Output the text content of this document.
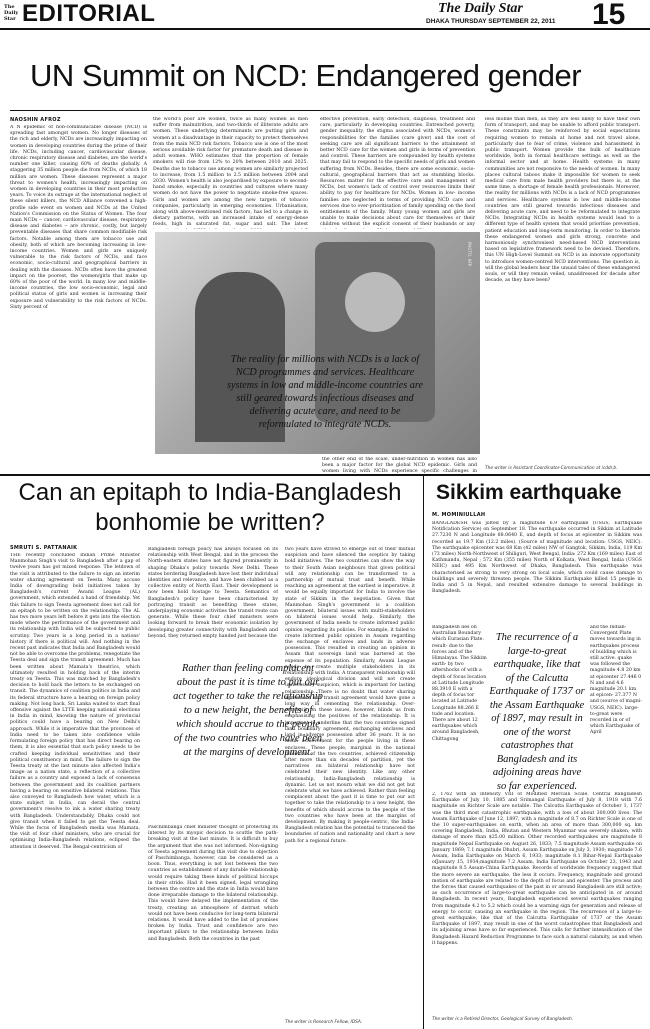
The Daily Star EDITORIAL	The Daily Star
DHAKA THURSDAY SEPTEMBER 22, 2011 15
UN Summit on NCD: Endangered gender
NAOSHIN AFROZ
A N epidemic of non-communicable disease (NCD) is spreading fast amongst women. No longer diseases of the rich and elderly, NCDs are increasingly impacting on women in developing countries during the prime of their life. NCDs, including cancer, cardiovascular disease, chronic respiratory disease and diabetes, are the world's number one killer, causing 60% of deaths globally. A staggering 35 million people die from NCDs, of which 18 million are women. These diseases represent a major threat to women's health, increasingly impacting on women in developing countries in their most productive years. To voice its outrage at the international neglect of these silent killers, the NCD Alliance convened a high-profile side event on women and NCDs at the United Nation's Commission on the Status of Women. The four main NCDs -- cancer, cardiovascular disease, respiratory disease and diabetes -- are chronic, costly, but largely preventable diseases that share common modifiable risk factors. Notable among them are tobacco use and obesity, both of which are becoming increasing in low-income countries. Women and girls are uniquely vulnerable to the risk factors of NCDs, and face economic, socio-cultural and geographical barriers in dealing with the diseases. NCDs often have the greatest impact on the poorest, the women/girls that make up 60% of the poor of the world. In many low and middle-income countries, the low socio-economic, legal and political status of girls and women is increasing their exposure and vulnerability to the risk factors of NCDs. Sixty percent of
the world's poor are women, twice as many women as men suffer from malnutrition, and two-thirds of illiterate adults are women. These underlying determinants are putting girls and women at a disadvantage in their capacity to protect themselves from the main NCD risk factors. Tobacco use is one of the most serious avoidable risk factor for premature death and disease in adult women. WHO estimates that the proportion of female smokers will rise from 12% to 20% between 2010 and 2025. Deaths due to tobacco use among women are similarly projected to increase, from 1.5 million to 2.5 million between 2004 and 2030. Women's health is also jeopardised by exposure to second-hand smoke, especially in countries and cultures where many women do not have the power to negotiate smoke-free spaces. Girls and women are among the new targets of tobacco companies, particularly in emerging economies. Urbanisation, along with above-mentioned risk factors, has led to a change in dietary patterns, with an increased intake of energy-dense foods, high in saturated fat, sugar and salt. The latest
PHOTO: AFP
The reality for millions with NCDs is a lack of NCD programmes and services. Healthcare systems in low and middle-income countries are still geared towards infectious diseases and delivering acute care, and need to be reformulated to integrate NCDs.
the other end of the scale, under-nutrition in women has also been a major factor for the global NCD epidemic. Girls and women living with NCDs experience specific challenges in
effective prevention, early detection, diagnosis, treatment and care, particularly in developing countries. Entrenched poverty, gender inequality, the stigma associated with NCDs, women's responsibilities for the families (care giver) and the cost of seeking care are all significant barriers to the attainment of better NCD care for the women and girls in terms of prevention and control. These barriers are compounded by health systems that may fail to respond to the specific needs of girls and women suffering from NCDs. Besides, there are some economic, socio-cultural, geographical barriers that act as stumbling blocks. Resources matter for the effective care and management of NCDs, but women's lack of control over resources limits their ability to pay for healthcare for NCDs. Women in low- income families are neglected in terms of providing NCD care and services due to over-prioritisation of family spending on the food entitlements of the family. Many young women and girls are unable to make decisions about care for themselves or their children without the explicit consent of their husbands or any
less mobile than men, as they are less likely to have their own form of transport, and may be unable to afford public transport. These constraints may be reinforced by social expectations requiring women to remain at home and not travel alone, particularly due to fear of crime, violence and harassment in public transport. Women provide the bulk of healthcare worldwide, both in formal healthcare settings as well as the informal sector and at home. Health systems in many communities are not responsive to the needs of women. In many places cultural taboos make it impossible for women to seek medical care from male health providers but there is, at the same time, a shortage of female health professionals. Moreover, the reality for millions with NCDs is a lack of NCD programmes and services. Healthcare systems in low and middle-income countries are still geared towards infectious diseases and delivering acute care, and need to be reformulated to integrate NCDs. Integrating NCDs in health systems would lead to a different type of health system that would prioritise prevention, patient education and long-term monitoring. In order to liberate these endangered women and girls strong, concrete and harmoniously synchronised need-based NCD interventions based on legislative framework need to be devised. Therefore, this UN High-Level Summit on NCD is an innovate opportunity to introduce women-centred NCD interventions. The question is, will the global leaders hear the unsaid tales of these endangered souls, or will they remain veiled, unaddressed for decade after decade, as they have been?
The writer is Assistant Coordinator-Communication at icddr,b.
Can an epitaph to India-Bangladesh bonhomie be written?
SMRUTI S. PATTANAIK
THE recently concluded Indian Prime Minister Manmohan Singh's visit to Bangladesh after a gap of twelve years has got mixed response. The letdown of the visit is attributed to the failure to sign an interim water sharing agreement on Teesta. Many accuse India of downgrading bold initiatives taken by Bangladesh's current Awami League (AL) government, which extended a hand of friendship. Yet this failure to sign Teesta agreement does not call for an epitaph to be written on the relationship. The AL has two more years left before it gets into the election mode where the performance of the government and its relationship with India will be subjected to public scrutiny. Two years is a long period in a nations' history if there is political will. And nothing in the recent past indicates that India and Bangladesh would not be able to overcome the problems, renegotiate the Teesta deal and sign the transit agreement. Much has been written about Mamata's theatrics, which ultimately resulted in holding back of the interim treaty on Teesta. This was matched by Bangladesh's decision to hold back the letters to be exchanged on transit. The dynamics of coalition politics in India and its federal structure have a bearing on foreign policy making. Not long back, Sri Lanka waited to start final offensive against the LTTE keeping national elections in India in mind, knowing the nature of provincial politics could have a bearing on New Delhi's approach. While it is imperative that the provinces of India need to be taken into confidence while formulating foreign policy that has direct bearing on them, it is also essential that such policy needs to be crafted keeping individual sensitivities and their political constituency in mind. The failure to sign the Teesta treaty at the last minute also affected India's image as a nation state, a reflection of a collective failure as a country and exposed a lack of consensus between the government and its coalition partners having a bearing on sensitive bilateral relations. This also conveyed to Bangladesh how water, which is a state subject in India, can derail the central government's resolve to ink a water sharing treaty with Bangladesh. Understandably, Dhaka could not give transit when it failed to get the Teesta deal. While the focus of Bangladesh media was Mamata, the visit of four chief ministers, who are crucial for optimising India-Bangladesh relations, eclipsed the attention it deserved. The Bengal-centricism of
Bangladesh foreign policy has always focused on its relationship with West Bengal, and in the process the North-eastern states have not figured prominently in shaping Dhaka's policy towards New Delhi. These states bordering Bangladesh have lost their individual identities and relevance, and have been clubbed as a collective entity of North East. Their development is now been hold hostage to Teesta. Semantics of Bangladesh's policy have been characterised by portraying transit as benefiting these states, underplaying economic activities the transit route can generate. While these four chief ministers were looking forward to break their economic isolation by developing greater connectivity with Bangladesh and beyond, they returned empty handed just because the
Rather than feeling complacent about the past it is time to put our act together to take the relationship to a new height, the benefits of which should accrue to the people of the two countries who have been at the margins of development.
Paschimbanga chief minister thought of protecting its interest by its myopic decision to scuttle the path-breaking visit at the last minute. It is difficult to buy the argument that she was not informed. Non-signing of Teesta agreement during this visit due to objection of Paschimbanga, however, can be considered as a boon. Thus, everything is not lost between the two countries as establishment of any durable relationship would require taking these kinds of political hiccups in their stride. Had it been signed, legal wrangling between the centre and the state in India would have done irreparable damage to the bilateral relationship. This would have delayed the implementation of the treaty, creating an atmosphere of distrust which would not have been conducive for long-term bilateral relations. It would have added to the list of promises broken by India. Trust and confidence are two important pillars to the relationship between India and Bangladesh. Both the countries in the past
two years have strived to emerge out of their mutual suspicion and have silenced the sceptics by taking bold initiatives. The two countries can show the way to their South Asian neighbours that given political will any relationship can be transformed to a partnership of mutual trust and benefit. While reaching an agreement at the earliest is imperative, it would be equally important for India to involve the state of Sikkim in the negotiation. Given that Manmohan Singh's government is a coalition government, bilateral issues with multi-stakeholders on bilateral issues would help. Similarly, the government of India needs to create informed public opinion regarding its policies. For example, it failed to create informed public opinion in Assam regarding the exchange of enclaves and lands in adverse possession. This resulted in creating an opinion in Assam that sovereign land was bartered at the expense of its population. Similarly, Awami League needs to create multiple stakeholders in its relationship with India. A transparent relationship will endure ideological division and will not create unnecessary suspicion, which is important for lasting relationship. There is no doubt that water sharing agreement and transit agreement would have gone a long way in cementing the relationship. Over-emphasis on these issues, however, blinds us from emphasising the positives of the relationship. It is important to underline that the two countries signed land boundary agreement, exchanging enclaves and land in adverse possession after 36 years. It is no mean achievement for the people living in these enclaves. These people, marginal in the national discourse of the two countries, achieved citizenship after more than six decades of partition, yet the narratives on bilateral relationship have not celebrated their new identity. Like any other relationship, India-Bangladesh relationship is dynamic. Let us not mourn what we did not get but celebrate what we have achieved. Rather than feeling complacent about the past it is time to put our act together to take the relationship to a new height, the benefits of which should accrue to the people of the two countries who have been at the margins of development. By making it people-centric, the India-Bangladesh relation has the potential to transcend the boundaries of nation and nationality and chart a new path for a regional future.
The writer is Research Fellow, IDSA.
Sikkim earthquake
M. MOMINIULLAH
BANGLADESH was jolted by a magnitude 6.9 earthquake (USGS, Earthquake Notification Service) on September 18. The earthquake occurred in Sikkim at Latitude 27.7230 N and Longitude 88.0640 E, and depth of focus at epicenter in Sikkim was recorded as 19.7 Km (12.2 miles). (Source of magnitude and location: USGS, NEIC). The earthquake epicenter was 68 Km (42 miles) NW of Gangtok, Sikkim, India, 119 Km (73 miles) North-Northwest of Shiliguri, West Bengal, India: 272 Km (169 miles) East of Kathmandu, Nepal ; 572 Km (355 miles) North of Kolkata, West Bengal, India (USGS NEIC) and 495 Km Northwest of Dhaka, Bangladesh. This earthquake was characterised as strong to very strong on local scale, which could cause damage to buildings and severely threaten people. The Sikkim Earthquake killed 15 people in India and 5 in Nepal, and resulted extensive damage to several buildings in Bangladesh.
Bangladesh lies on Australian Boundary which Eurasian Plate. result- due to the forces and of the Himalayas. The Sikkim earth- by two aftershocks of with a depth of focus location at Latitude Longitude 88.3910 E with a depth of focus tor located at Latitude Longitude 88.266 E tude and location: There are about 12 earthquakes which around Bangladesh, Chittagong
The recurrence of a large-to-great earthquake, like that of the Calcutta Earthquake of 1737 or the Assam Earthquake of 1897, may result in one of the worst catastrophes that Bangladesh and its adjoining areas have so far experienced.
and the Indian-Convergent Plate moves towards ing in earthquakes process of building which is still active. quake was followed the magnitude 4.8 20 km at epicenter 27.446 0 N and and 4.6 magnitude 20.1 km at epicen- 27.377 N and (source of magni- USGS, NEIC). large-to-great were recorded in or of which Earthquake of April
2, 1762 with an intensity VIII of Modified Mercalli Scale. Central Bangladesh Earthquake of July 10, 1885 and Srimangal Earthquake of July 8, 1918 with 7.6 magnitude on Richter Scale are notable. The Calcutta Earthquake of October 1, 1737 was the third most catastrophic earthquake, with a loss of about 300,000 lives. The Assam Earthquake of June 12, 1897, with a magnitude of 8.7 on Richter Scale is one of the 10 super-earthquakes on earth, when an area of more than 300,000 sq. km covering Bangladesh, India, Bhutan and Western Myanmar was severely shaken, with damage of more than $25.00 million. Other recorded earthquakes are magnitude 8 magnitude Nepal Earthquake on August 26, 1833; 7.5 magnitude Assam earthquake on January 1869; 7.1 magnitude Dhubri, Assam Earthquake on July 3, 1930; magnitude 7.6 Assam, India Earthquake on March 6, 1933; magnitude 8.1 Bihar-Nepal Earthquake ofJanuary 15, 1934;magnitude 7.2 Assam, India Earthquake on October 23, 1943 and magnitude 8.5 Assam-China Earthquake. Records of worldwide frequency suggest that the more severe an earthquake, the less it occurs. Frequency, magnitude and ground motion of earthquake are related to the depth of focus and epicenter. The process and the forces that caused earthquakes of the past in or around Bangladesh are still active; as such occurrence of large-to-great earthquake can be anticipated in or around Bangladesh. In recent years, Bangladesh experienced several earthquakes ranging from magnitude 4.2 to 5.2 which could be a warning sign for generation and release of energy to occur, causing an earthquake in the region. The recurrence of a large-to-great earthquake, like that of the Calcutta Earthquake of 1737 or the Assam Earthquake of 1897, may result in one of the worst catastrophes that Bangladesh and its adjoining areas have so far experienced. This calls for further intensification of the Bangladesh Hazard Reduction Programme to face such a natural calamity, as and when it happens.
The writer is a Retired Director, Geological Survey of Bangladesh.
